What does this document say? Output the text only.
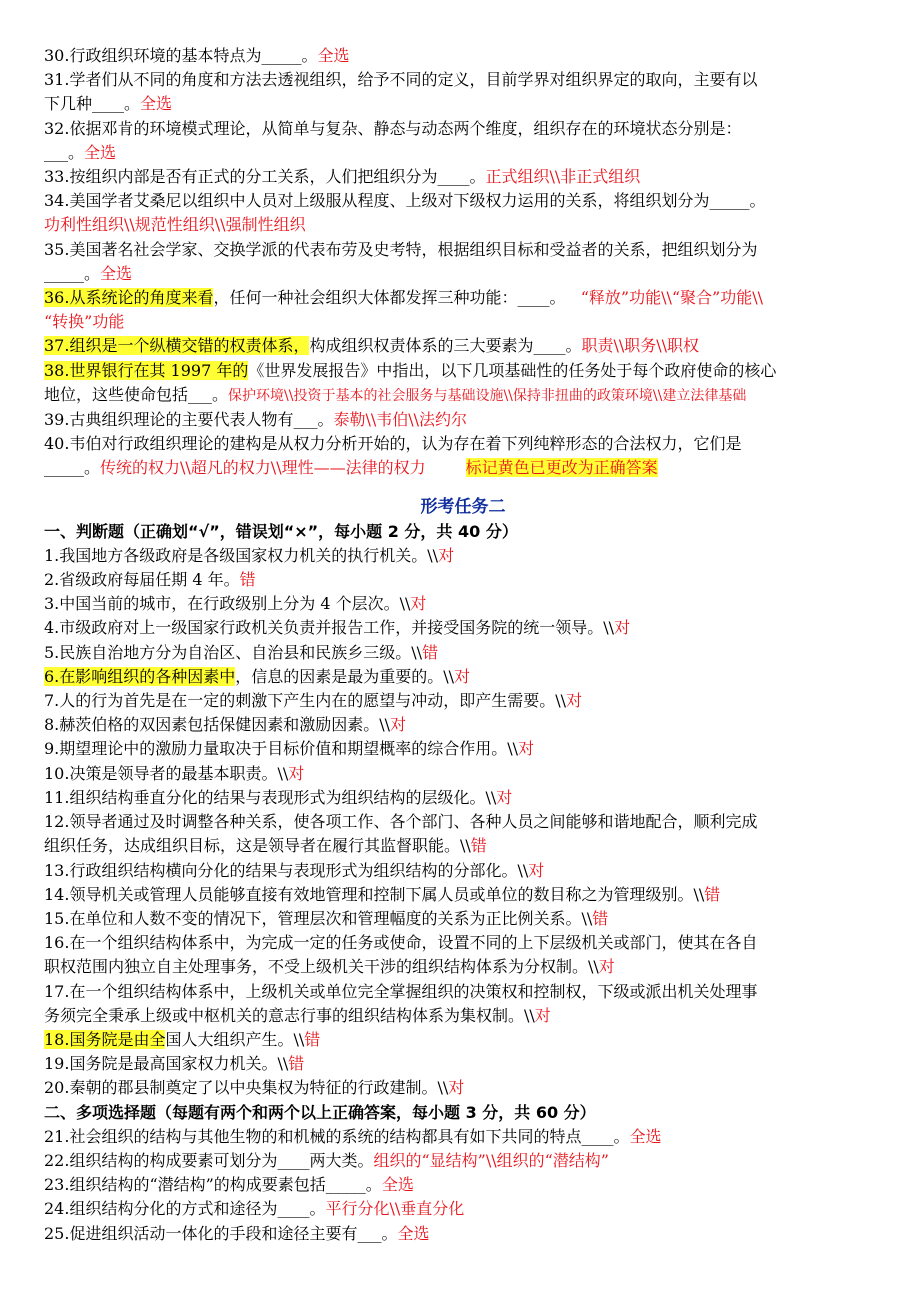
30.行政组织环境的基本特点为_____。全选
31.学者们从不同的角度和方法去透视组织，给予不同的定义，目前学界对组织界定的取向，主要有以
下几种____。全选
32.依据邓肯的环境模式理论，从简单与复杂、静态与动态两个维度，组织存在的环境状态分别是：
___。全选
33.按组织内部是否有正式的分工关系，人们把组织分为____。正式组织\\非正式组织
34.美国学者艾桑尼以组织中人员对上级服从程度、上级对下级权力运用的关系，将组织划分为_____。
功利性组织\\规范性组织\\强制性组织
35.美国著名社会学家、交换学派的代表布劳及史考特，根据组织目标和受益者的关系，把组织划分为
_____。全选
36.从系统论的角度来看，任何一种社会组织大体都发挥三种功能：____。 “释放”功能\\“聚合”功能\\
“转换”功能
37.组织是一个纵横交错的权责体系，构成组织权责体系的三大要素为____。职责\\职务\\职权
38.世界银行在其 1997 年的《世界发展报告》中指出，以下几项基础性的任务处于每个政府使命的核心
地位，这些使命包括___。保护环境\\投资于基本的社会服务与基础设施\\保持非扭曲的政策环境\\建立法律基础
39.古典组织理论的主要代表人物有___。泰勒\\韦伯\\法约尔
40.韦伯对行政组织理论的建构是从权力分析开始的，认为存在着下列纯粹形态的合法权力，它们是
_____。传统的权力\\超凡的权力\\理性——法律的权力	标记黄色已更改为正确答案
形考任务二
一、判断题（正确划“√”，错误划“×”，每小题 2 分，共 40 分）
1.我国地方各级政府是各级国家权力机关的执行机关。\\对
2.省级政府每届任期 4 年。错
3.中国当前的城市，在行政级别上分为 4 个层次。\\对
4.市级政府对上一级国家行政机关负责并报告工作，并接受国务院的统一领导。\\对
5.民族自治地方分为自治区、自治县和民族乡三级。\\错
6.在影响组织的各种因素中，信息的因素是最为重要的。\\对
7.人的行为首先是在一定的刺激下产生内在的愿望与冲动，即产生需要。\\对
8.赫茨伯格的双因素包括保健因素和激励因素。\\对
9.期望理论中的激励力量取决于目标价值和期望概率的综合作用。\\对
10.决策是领导者的最基本职责。\\对
11.组织结构垂直分化的结果与表现形式为组织结构的层级化。\\对
12.领导者通过及时调整各种关系，使各项工作、各个部门、各种人员之间能够和谐地配合，顺利完成
组织任务，达成组织目标，这是领导者在履行其监督职能。\\错
13.行政组织结构横向分化的结果与表现形式为组织结构的分部化。\\对
14.领导机关或管理人员能够直接有效地管理和控制下属人员或单位的数目称之为管理级别。\\错
15.在单位和人数不变的情况下，管理层次和管理幅度的关系为正比例关系。\\错
16.在一个组织结构体系中，为完成一定的任务或使命，设置不同的上下层级机关或部门，使其在各自
职权范围内独立自主处理事务，不受上级机关干涉的组织结构体系为分权制。\\对
17.在一个组织结构体系中，上级机关或单位完全掌握组织的决策权和控制权，下级或派出机关处理事
务须完全秉承上级或中枢机关的意志行事的组织结构体系为集权制。\\对
18.国务院是由全国人大组织产生。\\错
19.国务院是最高国家权力机关。\\错
20.秦朝的郡县制奠定了以中央集权为特征的行政建制。\\对
二、多项选择题（每题有两个和两个以上正确答案，每小题 3 分，共 60 分）
21.社会组织的结构与其他生物的和机械的系统的结构都具有如下共同的特点____。全选
22.组织结构的构成要素可划分为____两大类。组织的“显结构”\\组织的“潜结构”
23.组织结构的“潜结构”的构成要素包括_____。全选
24.组织结构分化的方式和途径为____。平行分化\\垂直分化
25.促进组织活动一体化的手段和途径主要有___。全选
